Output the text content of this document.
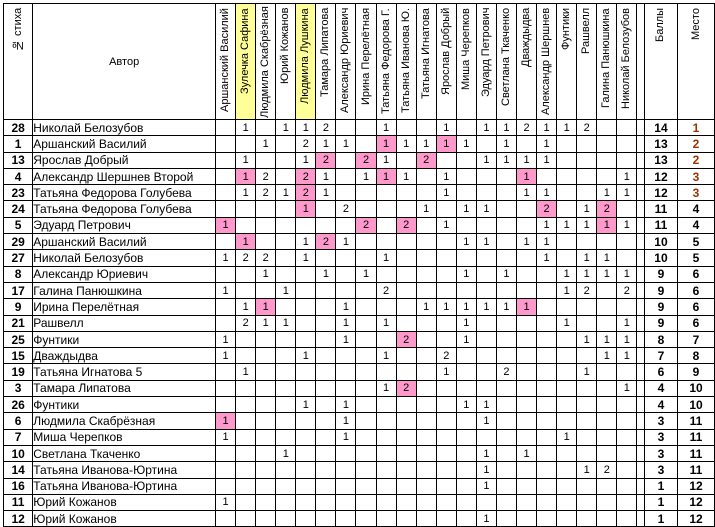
№ стиха	Автор	Аршанский Василий	Зулечка Сафина	Людмила Скабрёзная	Юрий Кожанов	Людмила Лушкина	Тамара Липатова	Александр Юриевич	Ирина Перелётная	Татьяна Федорова Г.	Татьяна Иванова Ю.	Татьяна Игнатова	Ярослав Добрый	Миша Черепков	Эдуард Петрович	Светлана Ткаченко	Дваждыдва	Александр Шершнев	Фунтики	Рашвелл	Галина Панюшкина	Николай Белозубов		Баллы	Место

28	Николай Белозубов		1		1	1	2			1			1		1	1	2	1	1	2				14	1
1	Аршанский Василий			1		2	1	1		1	1	1	1	1		1		1						13	2
13	Ярослав Добрый		1			1	2		2	1		2			1	1	1	1						13	2
4	Александр Шершнев Второй		1	2		2	1		1	1	1		1				1					1		12	3
23	Татьяна Федорова Голубева		1	2	1	2	1						1				1	1			1	1		12	3
24	Татьяна Федорова Голубева					1		2				1		1	1			2		1	2			11	4
5	Эдуард Петрович	1							2		2		1					1	1	1	1	1		11	4
29	Аршанский Василий		1			1	2	1						1	1		1	1						10	5
27	Николай Белозубов	1	2	2		1				1								1		1	1			10	5
8	Александр Юриевич			1			1		1					1		1			1	1	1	1		9	6
17	Галина Панюшкина	1			1					2									1	2		2		9	6
9	Ирина Перелётная		1	1				1				1	1	1	1	1	1							9	6
21	Рашвелл		2	1	1			1		1				1					1			1		9	6
25	Фунтики	1						1			2			1						1	1	1		8	7
15	Дваждыдва	1				1				1			2								1	1		7	8
19	Татьяна Игнатова 5		1										1			2				1				6	9
3	Тамара Липатова									1	2											1		4	10
26	Фунтики					1		1						1	1									4	10
6	Людмила Скабрёзная	1						1							1									3	11
7	Миша Черепков	1						1											1					3	11
10	Светлана Ткаченко				1										1		1							3	11
14	Татьяна Иванова-Юртина														1					1	2			3	11
16	Татьяна Иванова-Юртина														1									1	12
11	Юрий Кожанов	1																						1	12
12	Юрий Кожанов														1									1	12
